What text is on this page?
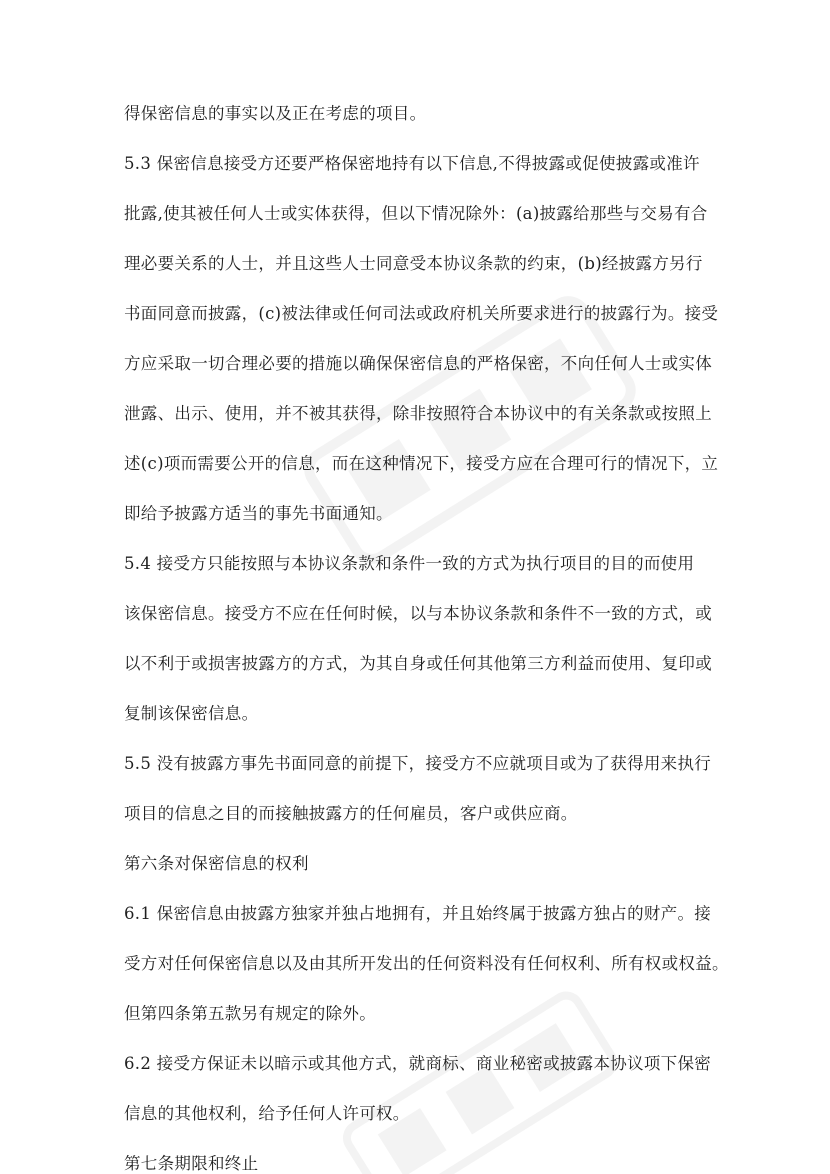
得保密信息的事实以及正在考虑的项目。
5.3 保密信息接受方还要严格保密地持有以下信息,不得披露或促使披露或准许
批露,使其被任何人士或实体获得，但以下情况除外：(a)披露给那些与交易有合
理必要关系的人士，并且这些人士同意受本协议条款的约束，(b)经披露方另行
书面同意而披露，(c)被法律或任何司法或政府机关所要求进行的披露行为。接受
方应采取一切合理必要的措施以确保保密信息的严格保密，不向任何人士或实体
泄露、出示、使用，并不被其获得，除非按照符合本协议中的有关条款或按照上
述(c)项而需要公开的信息，而在这种情况下，接受方应在合理可行的情况下，立
即给予披露方适当的事先书面通知。
5.4 接受方只能按照与本协议条款和条件一致的方式为执行项目的目的而使用
该保密信息。接受方不应在任何时候，以与本协议条款和条件不一致的方式，或
以不利于或损害披露方的方式，为其自身或任何其他第三方利益而使用、复印或
复制该保密信息。
5.5 没有披露方事先书面同意的前提下，接受方不应就项目或为了获得用来执行
项目的信息之目的而接触披露方的任何雇员，客户或供应商。
第六条对保密信息的权利
6.1 保密信息由披露方独家并独占地拥有，并且始终属于披露方独占的财产。接
受方对任何保密信息以及由其所开发出的任何资料没有任何权利、所有权或权益。
但第四条第五款另有规定的除外。
6.2 接受方保证未以暗示或其他方式，就商标、商业秘密或披露本协议项下保密
信息的其他权利，给予任何人许可权。
第七条期限和终止
